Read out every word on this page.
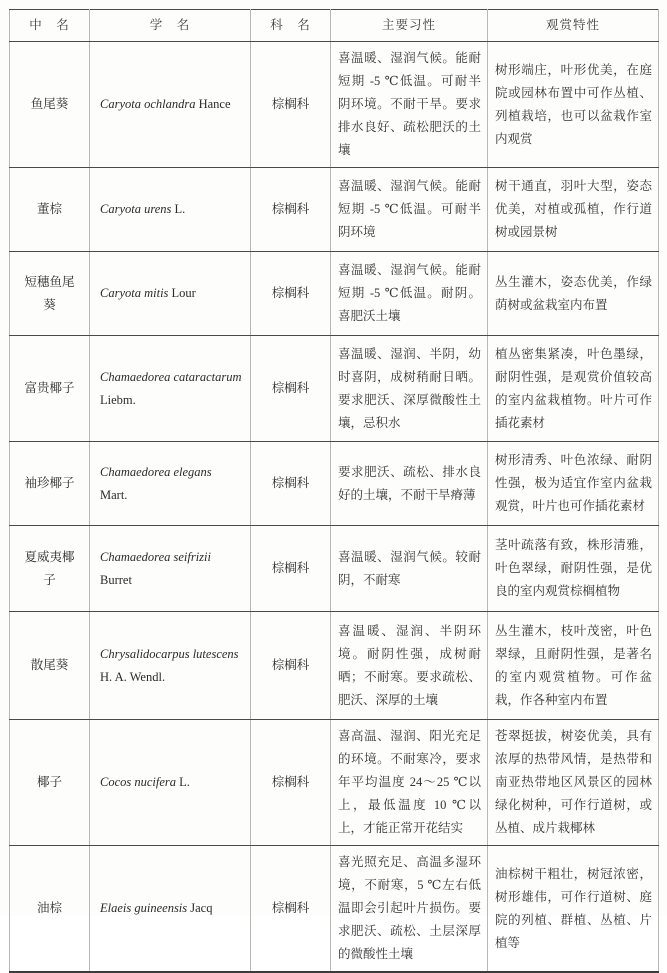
中　名	学　名	科　名	主要习性	观赏特性
鱼尾葵	Caryota ochlandra Hance	棕榈科	喜温暖、湿润气候。能耐短期 -5 ℃低温。可耐半阴环境。不耐干旱。要求排水良好、疏松肥沃的土壤	树形端庄，叶形优美，在庭院或园林布置中可作丛植、列植栽培，也可以盆栽作室内观赏
董棕	Caryota urens L.	棕榈科	喜温暖、湿润气候。能耐短期 -5 ℃低温。可耐半阴环境	树干通直，羽叶大型，姿态优美，对植或孤植，作行道树或园景树
短穗鱼尾葵	Caryota mitis Lour	棕榈科	喜温暖、湿润气候。能耐短期 -5 ℃低温。耐阴。喜肥沃土壤	丛生灌木，姿态优美，作绿荫树或盆栽室内布置
富贵椰子	Chamaedorea cataractarum Liebm.	棕榈科	喜温暖、湿润、半阴，幼时喜阴，成树稍耐日晒。要求肥沃、深厚微酸性土壤，忌积水	植丛密集紧凑，叶色墨绿，耐阴性强，是观赏价值较高的室内盆栽植物。叶片可作插花素材
袖珍椰子	Chamaedorea elegans Mart.	棕榈科	要求肥沃、疏松、排水良好的土壤，不耐干旱瘠薄	树形清秀、叶色浓绿、耐阴性强，极为适宜作室内盆栽观赏，叶片也可作插花素材
夏威夷椰子	Chamaedorea seifrizii Burret	棕榈科	喜温暖、湿润气候。较耐阴，不耐寒	茎叶疏落有致，株形清雅，叶色翠绿，耐阴性强，是优良的室内观赏棕榈植物
散尾葵	Chrysalidocarpus lutescens H. A. Wendl.	棕榈科	喜温暖、湿润、半阴环境。耐阴性强，成树耐晒；不耐寒。要求疏松、肥沃、深厚的土壤	丛生灌木，枝叶茂密，叶色翠绿，且耐阴性强，是著名的室内观赏植物。可作盆栽，作各种室内布置
椰子	Cocos nucifera L.	棕榈科	喜高温、湿润、阳光充足的环境。不耐寒冷，要求年平均温度 24～25 ℃以上，最低温度 10 ℃以上，才能正常开花结实	苍翠挺拔，树姿优美，具有浓厚的热带风情，是热带和南亚热带地区风景区的园林绿化树种，可作行道树，或丛植、成片栽椰林
油棕	Elaeis guineensis Jacq	棕榈科	喜光照充足、高温多湿环境，不耐寒，5 ℃左右低温即会引起叶片损伤。要求肥沃、疏松、土层深厚的微酸性土壤	油棕树干粗壮，树冠浓密，树形雄伟，可作行道树、庭院的列植、群植、丛植、片植等
